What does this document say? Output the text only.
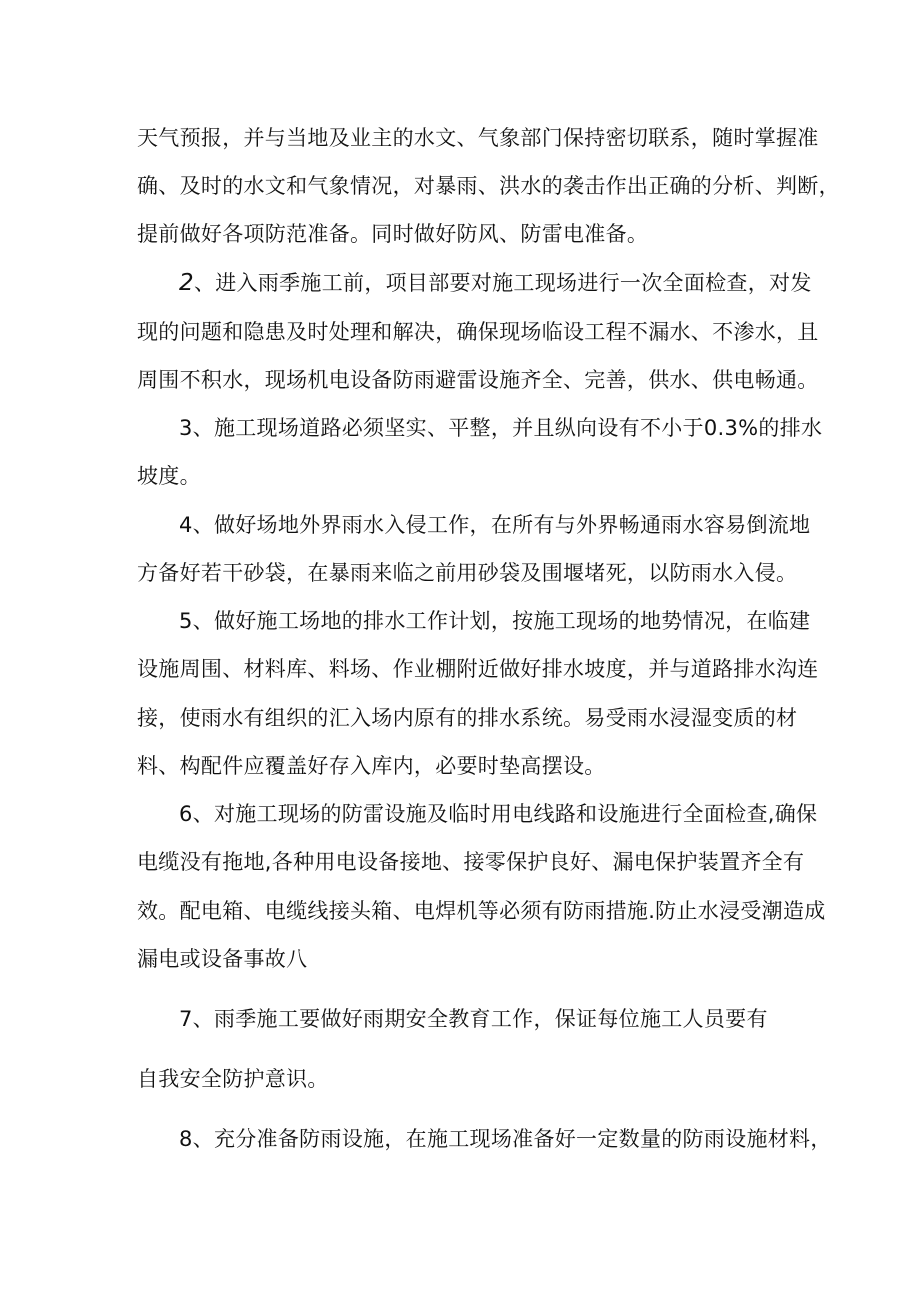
天气预报，并与当地及业主的水文、气象部门保持密切联系，随时掌握准
确、及时的水文和气象情况，对暴雨、洪水的袭击作出正确的分析、判断，
提前做好各项防范准备。同时做好防风、防雷电准备。
2、进入雨季施工前，项目部要对施工现场进行一次全面检查，对发
现的问题和隐患及时处理和解决，确保现场临设工程不漏水、不渗水，且
周围不积水，现场机电设备防雨避雷设施齐全、完善，供水、供电畅通。
3、施工现场道路必须坚实、平整，并且纵向设有不小于0.3%的排水
坡度。
4、做好场地外界雨水入侵工作，在所有与外界畅通雨水容易倒流地
方备好若干砂袋，在暴雨来临之前用砂袋及围堰堵死，以防雨水入侵。
5、做好施工场地的排水工作计划，按施工现场的地势情况，在临建
设施周围、材料库、料场、作业棚附近做好排水坡度，并与道路排水沟连
接，使雨水有组织的汇入场内原有的排水系统。易受雨水浸湿变质的材
料、构配件应覆盖好存入库内，必要时垫高摆设。
6、对施工现场的防雷设施及临时用电线路和设施进行全面检查,确保
电缆没有拖地,各种用电设备接地、接零保护良好、漏电保护装置齐全有
效。配电箱、电缆线接头箱、电焊机等必须有防雨措施.防止水浸受潮造成
漏电或设备事故八
7、雨季施工要做好雨期安全教育工作，保证每位施工人员要有
自我安全防护意识。
8、充分准备防雨设施，在施工现场准备好一定数量的防雨设施材料，
